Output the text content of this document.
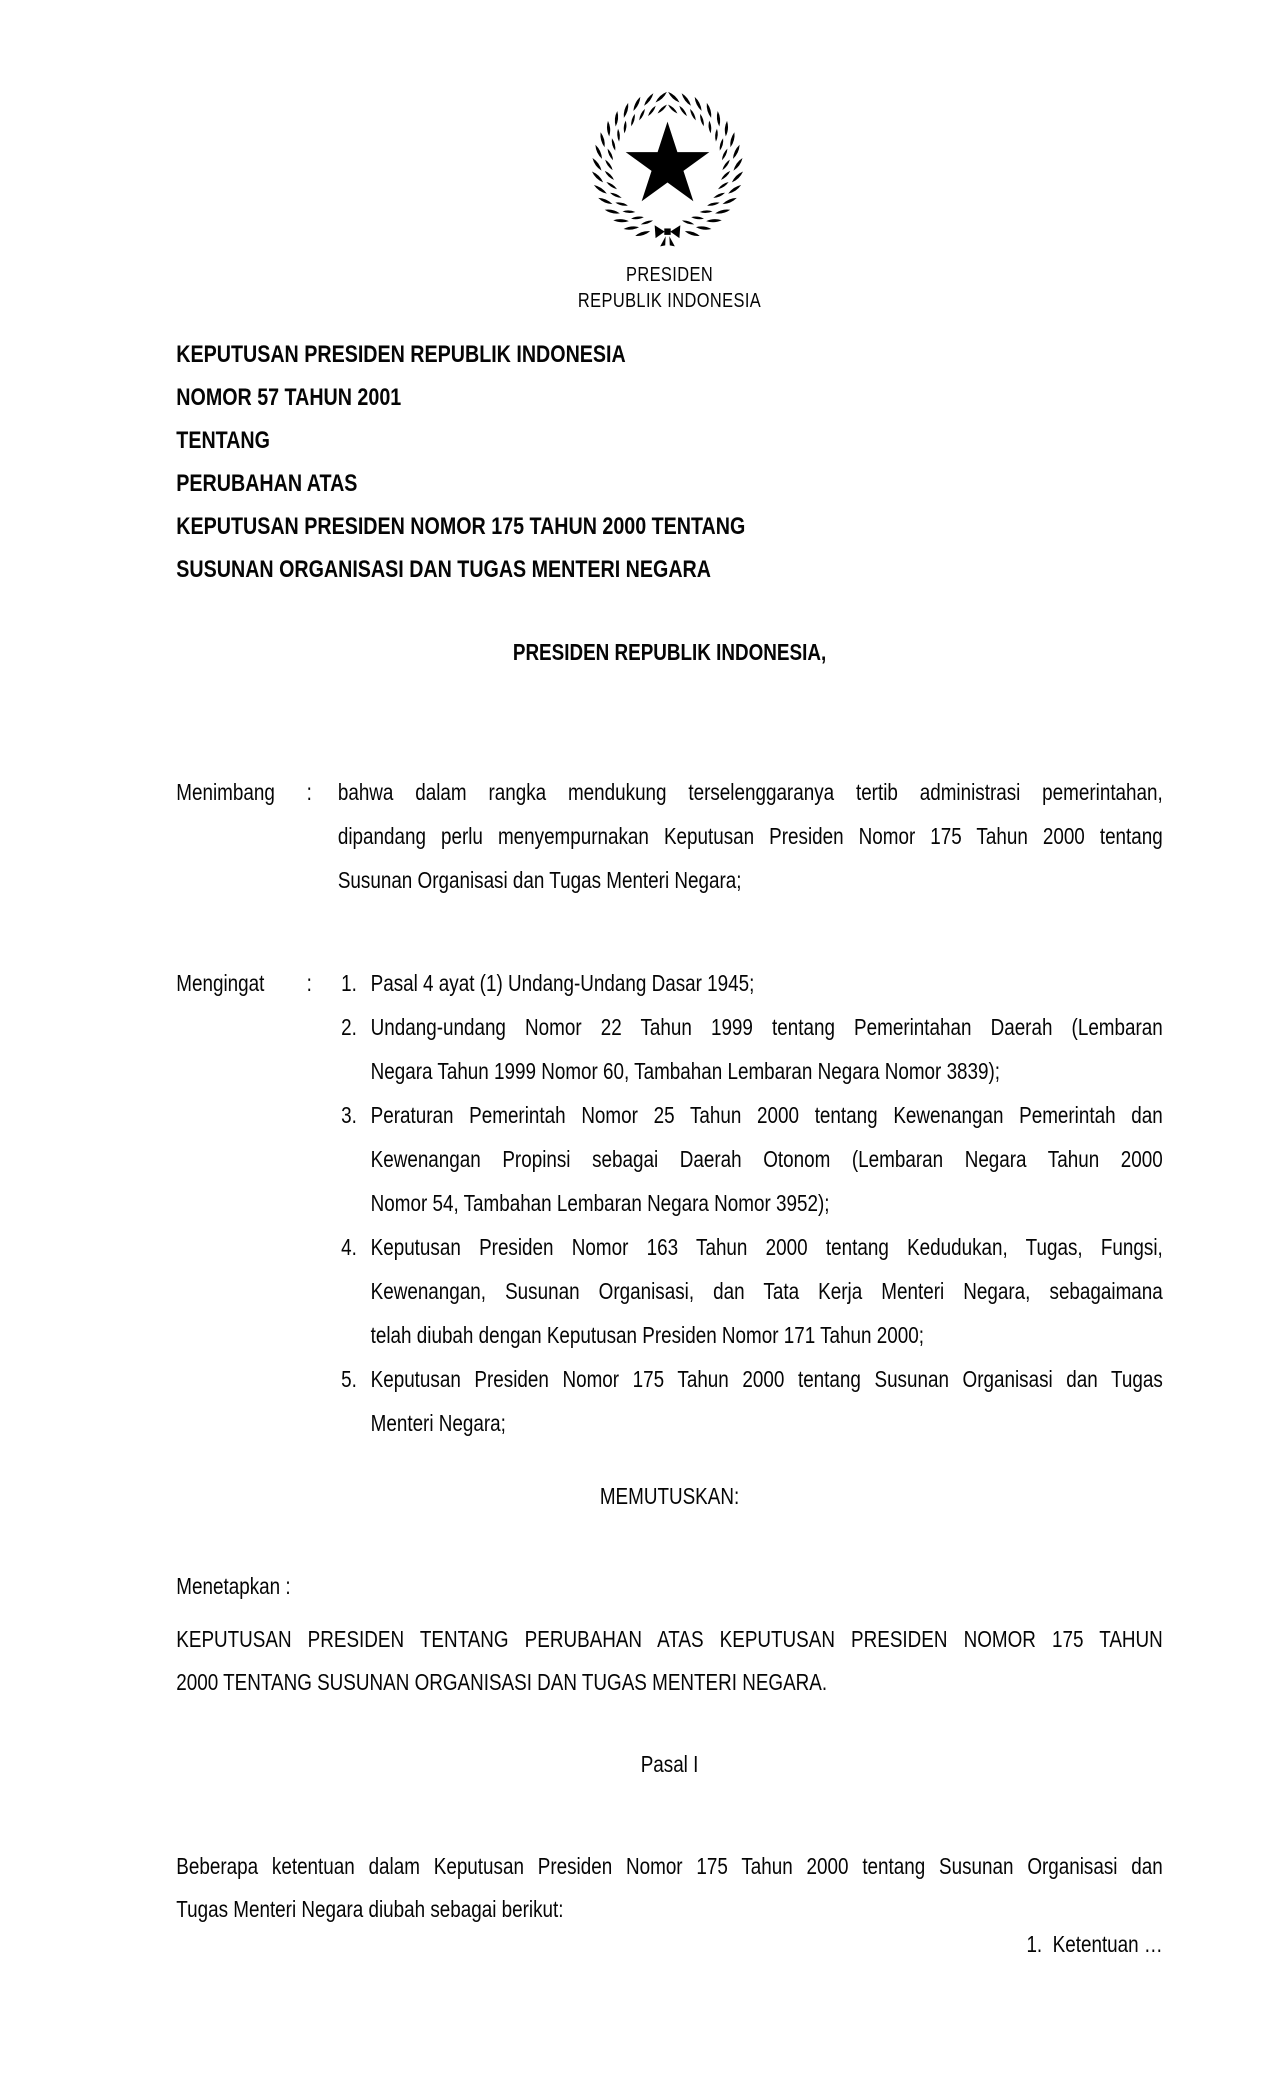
PRESIDEN
REPUBLIK INDONESIA
KEPUTUSAN PRESIDEN REPUBLIK INDONESIA
NOMOR 57 TAHUN 2001
TENTANG
PERUBAHAN ATAS
KEPUTUSAN PRESIDEN NOMOR 175 TAHUN 2000 TENTANG
SUSUNAN ORGANISASI DAN TUGAS MENTERI NEGARA
PRESIDEN REPUBLIK INDONESIA,
Menimbang : bahwa dalam rangka mendukung terselenggaranya tertib administrasi pemerintahan,
dipandang perlu menyempurnakan Keputusan Presiden Nomor 175 Tahun 2000 tentang
Susunan Organisasi dan Tugas Menteri Negara;
Mengingat : 1. Pasal 4 ayat (1) Undang-Undang Dasar 1945;
2. Undang-undang Nomor 22 Tahun 1999 tentang Pemerintahan Daerah (Lembaran
Negara Tahun 1999 Nomor 60, Tambahan Lembaran Negara Nomor 3839);
3. Peraturan Pemerintah Nomor 25 Tahun 2000 tentang Kewenangan Pemerintah dan
Kewenangan Propinsi sebagai Daerah Otonom (Lembaran Negara Tahun 2000
Nomor 54, Tambahan Lembaran Negara Nomor 3952);
4. Keputusan Presiden Nomor 163 Tahun 2000 tentang Kedudukan, Tugas, Fungsi,
Kewenangan, Susunan Organisasi, dan Tata Kerja Menteri Negara, sebagaimana
telah diubah dengan Keputusan Presiden Nomor 171 Tahun 2000;
5. Keputusan Presiden Nomor 175 Tahun 2000 tentang Susunan Organisasi dan Tugas
Menteri Negara;
MEMUTUSKAN:
Menetapkan :
KEPUTUSAN PRESIDEN TENTANG PERUBAHAN ATAS KEPUTUSAN PRESIDEN NOMOR 175 TAHUN
2000 TENTANG SUSUNAN ORGANISASI DAN TUGAS MENTERI NEGARA.
Pasal I
Beberapa ketentuan dalam Keputusan Presiden Nomor 175 Tahun 2000 tentang Susunan Organisasi dan
Tugas Menteri Negara diubah sebagai berikut:
1.  Ketentuan …
